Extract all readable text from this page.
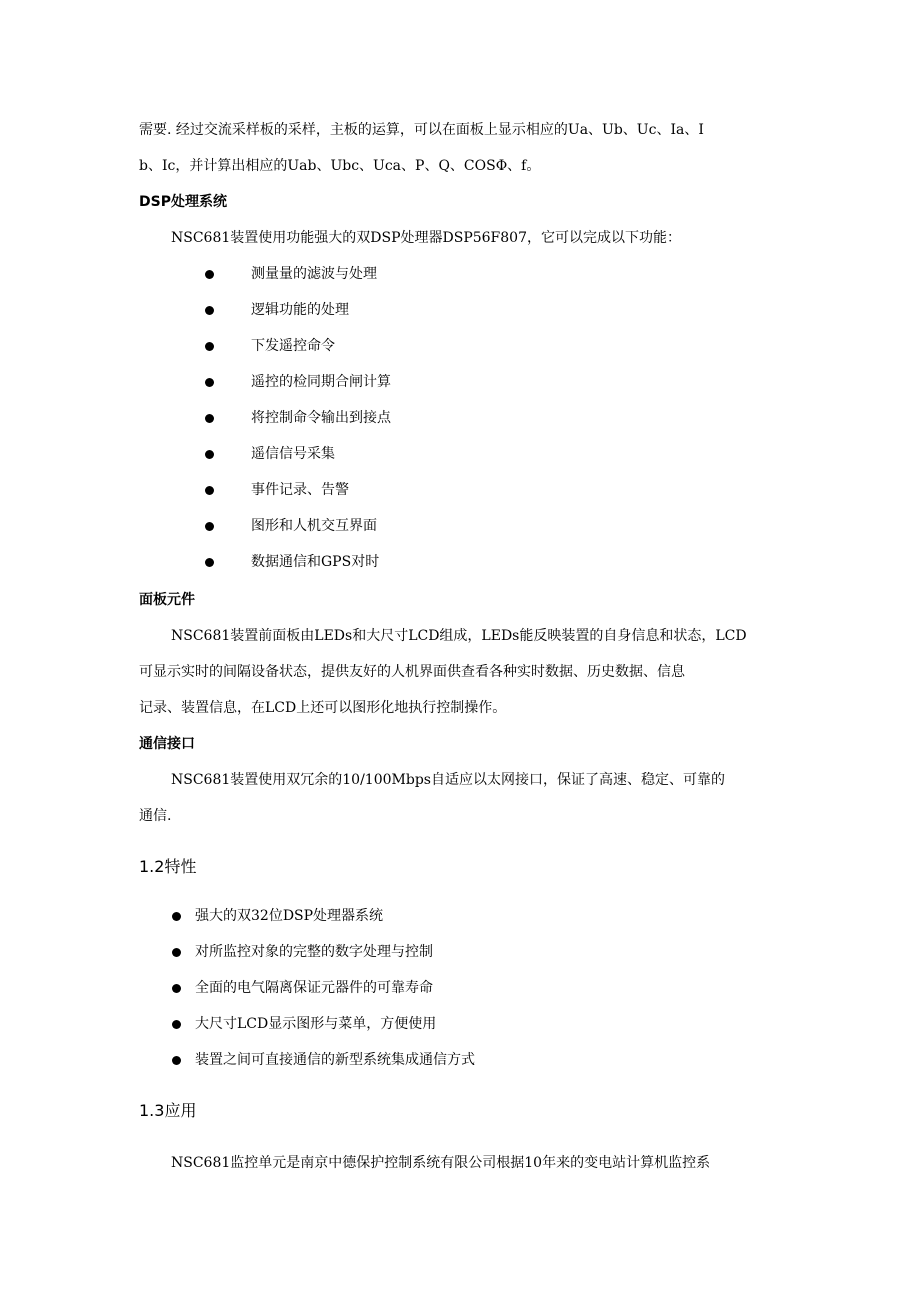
需要. 经过交流采样板的采样，主板的运算，可以在面板上显示相应的Ua、Ub、Uc、Ia、I
b、Ic，并计算出相应的Uab、Ubc、Uca、P、Q、COSΦ、f。
DSP处理系统
NSC681装置使用功能强大的双DSP处理器DSP56F807，它可以完成以下功能：
测量量的滤波与处理
逻辑功能的处理
下发遥控命令
遥控的检同期合闸计算
将控制命令输出到接点
遥信信号采集
事件记录、告警
图形和人机交互界面
数据通信和GPS对时
面板元件
NSC681装置前面板由LEDs和大尺寸LCD组成，LEDs能反映装置的自身信息和状态，LCD
可显示实时的间隔设备状态，提供友好的人机界面供查看各种实时数据、历史数据、信息
记录、装置信息，在LCD上还可以图形化地执行控制操作。
通信接口
NSC681装置使用双冗余的10/100Mbps自适应以太网接口，保证了高速、稳定、可靠的
通信.
1.2特性
强大的双32位DSP处理器系统
对所监控对象的完整的数字处理与控制
全面的电气隔离保证元器件的可靠寿命
大尺寸LCD显示图形与菜单，方便使用
装置之间可直接通信的新型系统集成通信方式
1.3应用
NSC681监控单元是南京中德保护控制系统有限公司根据10年来的变电站计算机监控系
